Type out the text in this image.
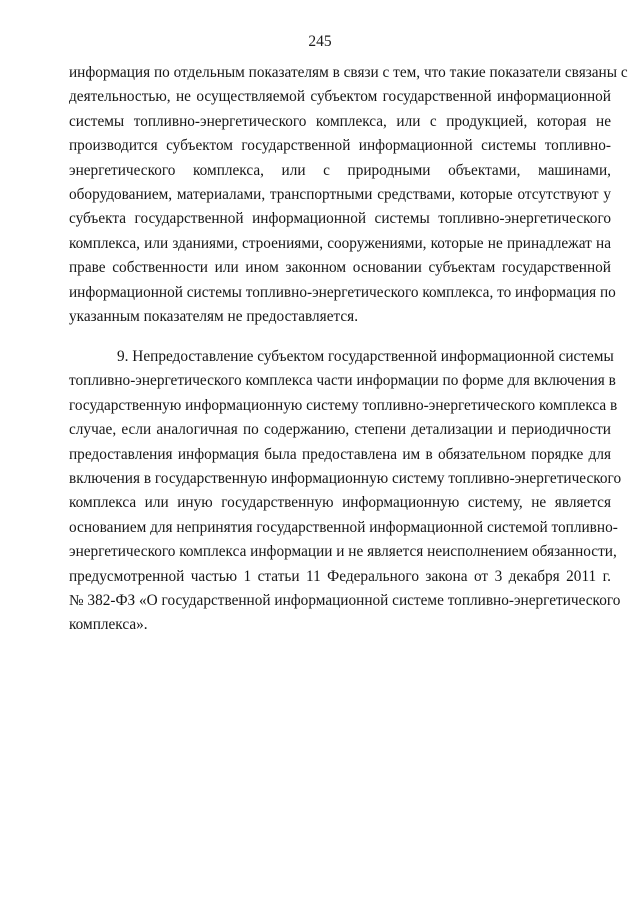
245
информация по отдельным показателям в связи с тем, что такие показатели связаны с
деятельностью, не осуществляемой субъектом государственной информационной
системы топливно-энергетического комплекса, или с продукцией, которая не
производится субъектом государственной информационной системы топливно-
энергетического комплекса, или с природными объектами, машинами,
оборудованием, материалами, транспортными средствами, которые отсутствуют у
субъекта государственной информационной системы топливно-энергетического
комплекса, или зданиями, строениями, сооружениями, которые не принадлежат на
праве собственности или ином законном основании субъектам государственной
информационной системы топливно-энергетического комплекса, то информация по
указанным показателям не предоставляется.
9. Непредоставление субъектом государственной информационной системы
топливно-энергетического комплекса части информации по форме для включения в
государственную информационную систему топливно-энергетического комплекса в
случае, если аналогичная по содержанию, степени детализации и периодичности
предоставления информация была предоставлена им в обязательном порядке для
включения в государственную информационную систему топливно-энергетического
комплекса или иную государственную информационную систему, не является
основанием для непринятия государственной информационной системой топливно-
энергетического комплекса информации и не является неисполнением обязанности,
предусмотренной частью 1 статьи 11 Федерального закона от 3 декабря 2011 г.
№ 382-ФЗ «О государственной информационной системе топливно-энергетического
комплекса».
